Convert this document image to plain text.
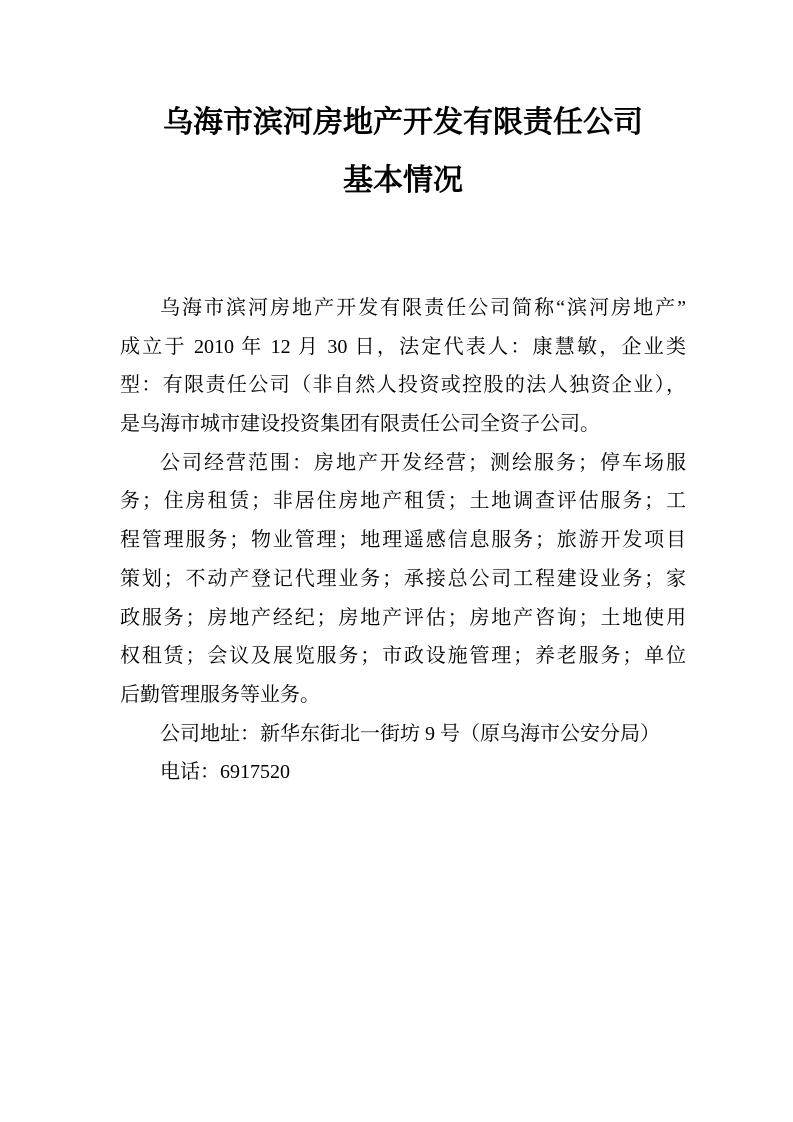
乌海市滨河房地产开发有限责任公司
基本情况

乌海市滨河房地产开发有限责任公司简称“滨河房地产”

成立于 2010 年 12 月 30 日，法定代表人：康慧敏，企业类

型：有限责任公司（非自然人投资或控股的法人独资企业），

是乌海市城市建设投资集团有限责任公司全资子公司。

公司经营范围：房地产开发经营；测绘服务；停车场服

务；住房租赁；非居住房地产租赁；土地调查评估服务；工

程管理服务；物业管理；地理遥感信息服务；旅游开发项目

策划；不动产登记代理业务；承接总公司工程建设业务；家

政服务；房地产经纪；房地产评估；房地产咨询；土地使用

权租赁；会议及展览服务；市政设施管理；养老服务；单位

后勤管理服务等业务。

公司地址：新华东街北一街坊 9 号（原乌海市公安分局）

电话：6917520
